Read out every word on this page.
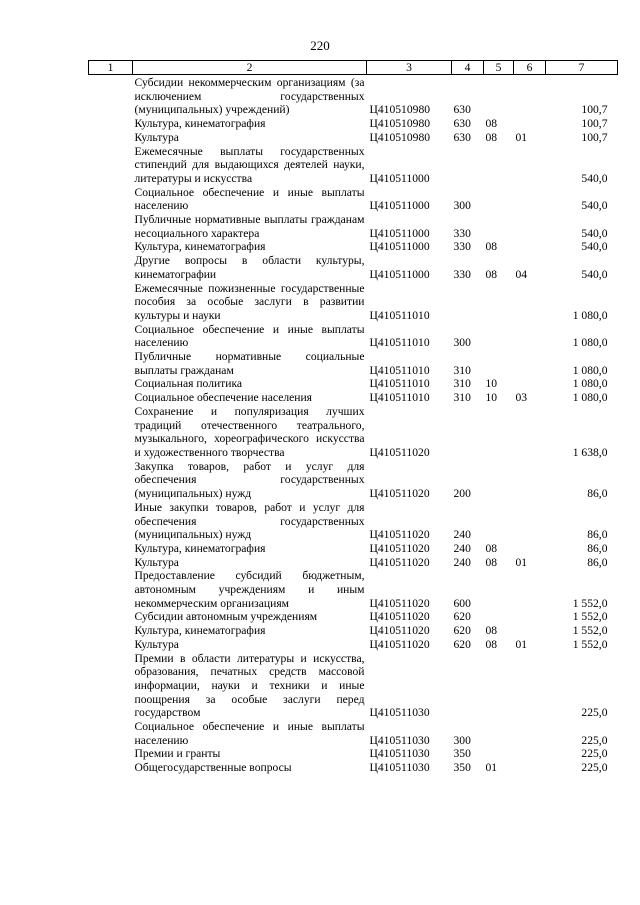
220
1	2	3	4	5	6	7
	Субсидии некоммерческим организациям (за исключением государственных (муниципальных) учреждений)	Ц410510980	630			100,7
	Культура, кинематография	Ц410510980	630	08		100,7
	Культура	Ц410510980	630	08	01	100,7
	Ежемесячные выплаты государственных стипендий для выдающихся деятелей науки, литературы и искусства	Ц410511000				540,0
	Социальное обеспечение и иные выплаты населению	Ц410511000	300			540,0
	Публичные нормативные выплаты гражданам несоциального характера	Ц410511000	330			540,0
	Культура, кинематография	Ц410511000	330	08		540,0
	Другие вопросы в области культуры, кинематографии	Ц410511000	330	08	04	540,0
	Ежемесячные пожизненные государственные пособия за особые заслуги в развитии культуры и науки	Ц410511010				1 080,0
	Социальное обеспечение и иные выплаты населению	Ц410511010	300			1 080,0
	Публичные нормативные социальные выплаты гражданам	Ц410511010	310			1 080,0
	Социальная политика	Ц410511010	310	10		1 080,0
	Социальное обеспечение населения	Ц410511010	310	10	03	1 080,0
	Сохранение и популяризация лучших традиций отечественного театрального, музыкального, хореографического искусства и художественного творчества	Ц410511020				1 638,0
	Закупка товаров, работ и услуг для обеспечения государственных (муниципальных) нужд	Ц410511020	200			86,0
	Иные закупки товаров, работ и услуг для обеспечения государственных (муниципальных) нужд	Ц410511020	240			86,0
	Культура, кинематография	Ц410511020	240	08		86,0
	Культура	Ц410511020	240	08	01	86,0
	Предоставление субсидий бюджетным, автономным учреждениям и иным некоммерческим организациям	Ц410511020	600			1 552,0
	Субсидии автономным учреждениям	Ц410511020	620			1 552,0
	Культура, кинематография	Ц410511020	620	08		1 552,0
	Культура	Ц410511020	620	08	01	1 552,0
	Премии в области литературы и искусства, образования, печатных средств массовой информации, науки и техники и иные поощрения за особые заслуги перед государством	Ц410511030				225,0
	Социальное обеспечение и иные выплаты населению	Ц410511030	300			225,0
	Премии и гранты	Ц410511030	350			225,0
	Общегосударственные вопросы	Ц410511030	350	01		225,0
